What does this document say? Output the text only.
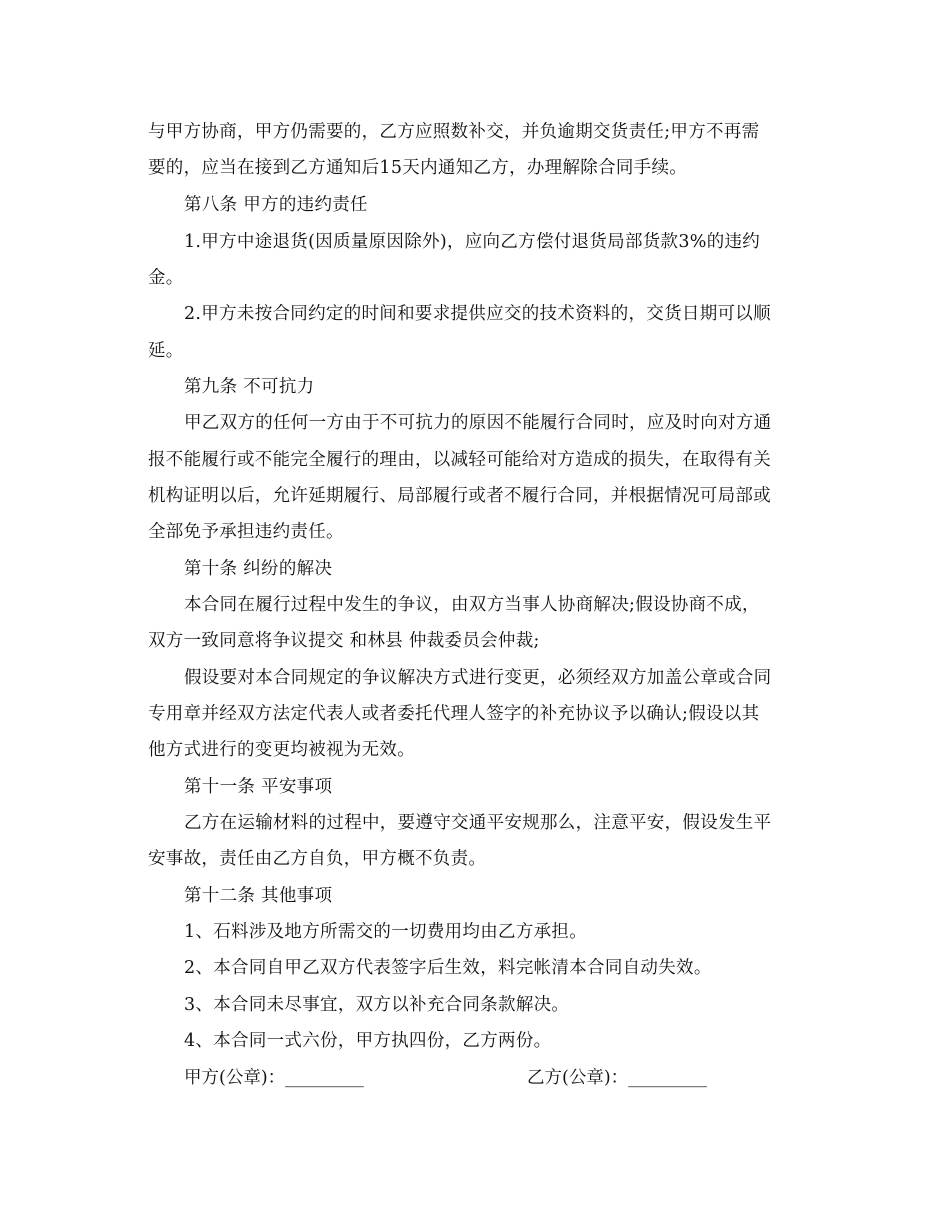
与甲方协商，甲方仍需要的，乙方应照数补交，并负逾期交货责任;甲方不再需
要的，应当在接到乙方通知后15天内通知乙方，办理解除合同手续。
第八条 甲方的违约责任
1.甲方中途退货(因质量原因除外)，应向乙方偿付退货局部货款3%的违约
金。
2.甲方未按合同约定的时间和要求提供应交的技术资料的，交货日期可以顺
延。
第九条 不可抗力
甲乙双方的任何一方由于不可抗力的原因不能履行合同时，应及时向对方通
报不能履行或不能完全履行的理由，以减轻可能给对方造成的损失，在取得有关
机构证明以后，允许延期履行、局部履行或者不履行合同，并根据情况可局部或
全部免予承担违约责任。
第十条 纠纷的解决
本合同在履行过程中发生的争议，由双方当事人协商解决;假设协商不成，
双方一致同意将争议提交 和林县 仲裁委员会仲裁;
假设要对本合同规定的争议解决方式进行变更，必须经双方加盖公章或合同
专用章并经双方法定代表人或者委托代理人签字的补充协议予以确认;假设以其
他方式进行的变更均被视为无效。
第十一条 平安事项
乙方在运输材料的过程中，要遵守交通平安规那么，注意平安，假设发生平
安事故，责任由乙方自负，甲方概不负责。
第十二条 其他事项
1、石料涉及地方所需交的一切费用均由乙方承担。
2、本合同自甲乙双方代表签字后生效，料完帐清本合同自动失效。
3、本合同未尽事宜，双方以补充合同条款解决。
4、本合同一式六份，甲方执四份，乙方两份。
甲方(公章)：_________	乙方(公章)：_________
